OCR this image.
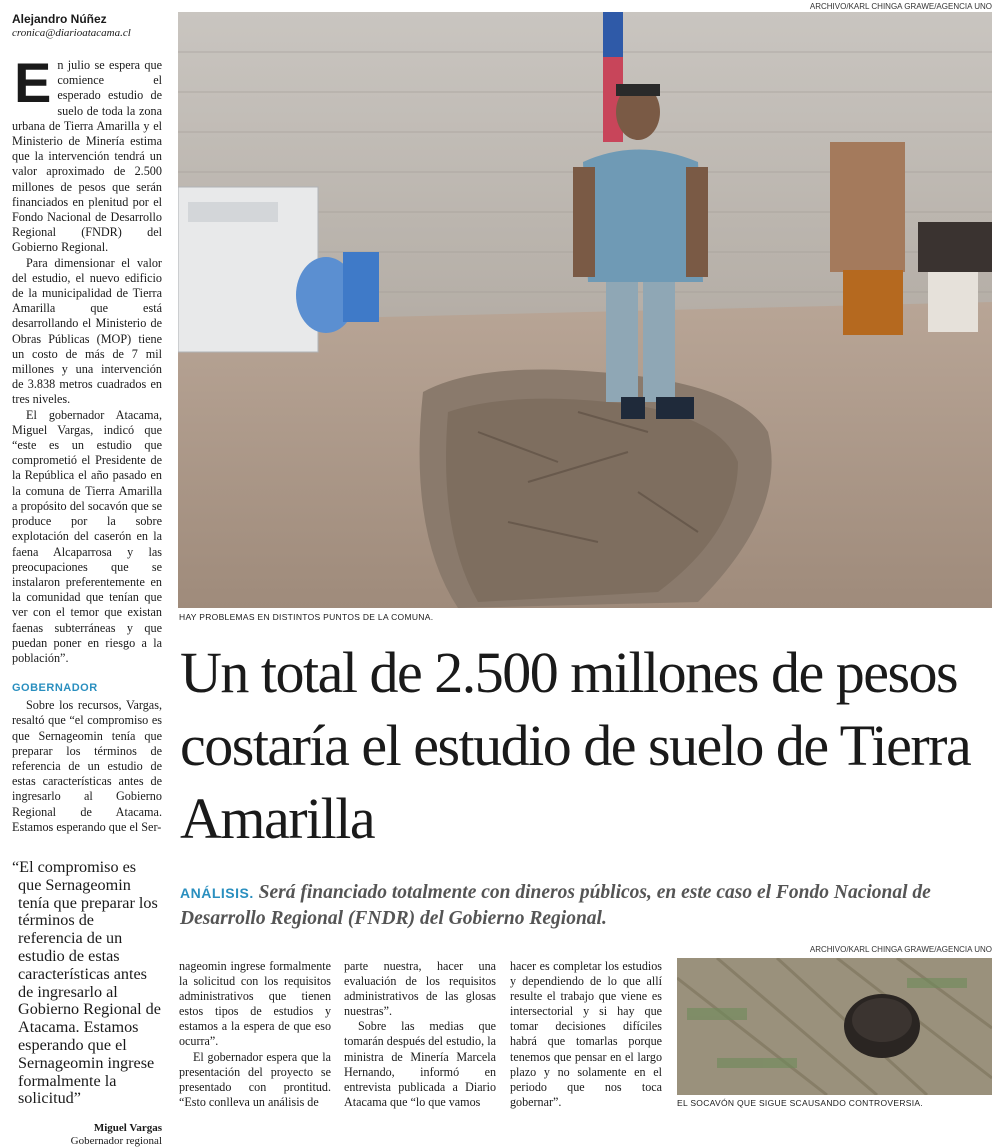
Alejandro Núñez
cronica@diarioatacama.cl

En julio se espera que comience el esperado estudio de suelo de toda la zona urbana de Tierra Amarilla y el Ministerio de Minería estima que la intervención tendrá un valor aproximado de 2.500 millones de pesos que serán financiados en plenitud por el Fondo Nacional de Desarrollo Regional (FNDR) del Gobierno Regional.

Para dimensionar el valor del estudio, el nuevo edificio de la municipalidad de Tierra Amarilla que está desarrollando el Ministerio de Obras Públicas (MOP) tiene un costo de más de 7 mil millones y una intervención de 3.838 metros cuadrados en tres niveles.

El gobernador Atacama, Miguel Vargas, indicó que “este es un estudio que comprometió el Presidente de la República el año pasado en la comuna de Tierra Amarilla a propósito del socavón que se produce por la sobre explotación del caserón en la faena Alcaparrosa y las preocupaciones que se instalaron preferentemente en la comunidad que tenían que ver con el temor que existan faenas subterráneas y que puedan poner en riesgo a la población”.

GOBERNADOR

Sobre los recursos, Vargas, resaltó que “el compromiso es que Sernageomin tenía que preparar los términos de referencia de un estudio de estas características antes de ingresarlo al Gobierno Regional de Atacama. Estamos esperando que el Ser-

“El compromiso es que Sernageomin tenía que preparar los términos de referencia de un estudio de estas características antes de ingresarlo al Gobierno Regional de Atacama. Estamos esperando que el Sernageomin ingrese formalmente la solicitud”
Miguel Vargas
Gobernador regional
ARCHIVO/KARL CHINGA GRAWE/AGENCIA UNO
HAY PROBLEMAS EN DISTINTOS PUNTOS DE LA COMUNA.
Un total de 2.500 millones de pesos costaría el estudio de suelo de Tierra Amarilla
ANÁLISIS. Será financiado totalmente con dineros públicos, en este caso el Fondo Nacional de Desarrollo Regional (FNDR) del Gobierno Regional.

nageomin ingrese formalmente la solicitud con los requisitos administrativos que tienen estos tipos de estudios y estamos a la espera de que eso ocurra”.

El gobernador espera que la presentación del proyecto se presentado con prontitud. “Esto conlleva un análisis de

parte nuestra, hacer una evaluación de los requisitos administrativos de las glosas nuestras”.

Sobre las medias que tomarán después del estudio, la ministra de Minería Marcela Hernando, informó en entrevista publicada a Diario Atacama que “lo que vamos

hacer es completar los estudios y dependiendo de lo que allí resulte el trabajo que viene es intersectorial y si hay que tomar decisiones difíciles habrá que tomarlas porque tenemos que pensar en el largo plazo y no solamente en el periodo que nos toca gobernar”.

ARCHIVO/KARL CHINGA GRAWE/AGENCIA UNO
EL SOCAVÓN QUE SIGUE SCAUSANDO CONTROVERSIA.
